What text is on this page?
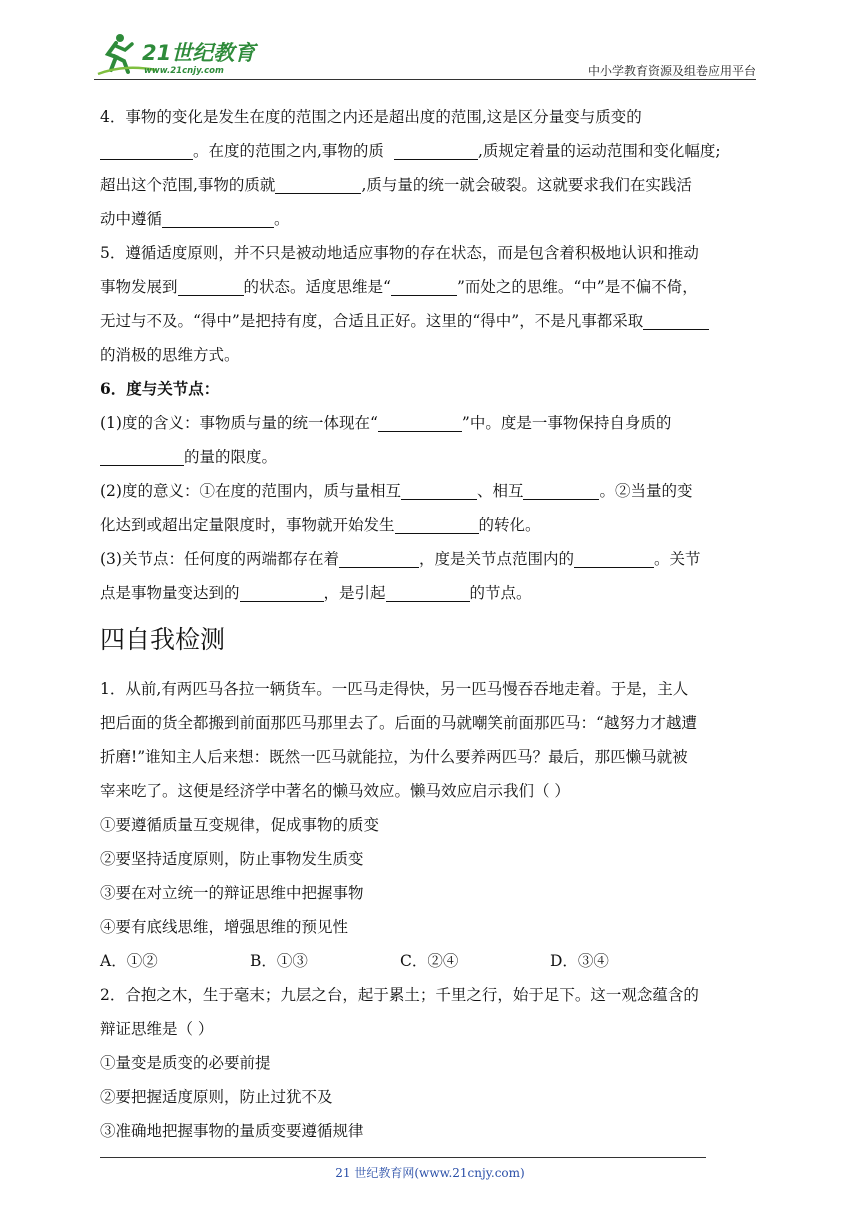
21世纪教育
www.21cnjy.com	中小学教育资源及组卷应用平台
4．事物的变化是发生在度的范围之内还是超出度的范围,这是区分量变与质变的
。在度的范围之内,事物的质	,质规定着量的运动范围和变化幅度;
超出这个范围,事物的质就	,质与量的统一就会破裂。这就要求我们在实践活
动中遵循	。
5．遵循适度原则，并不只是被动地适应事物的存在状态，而是包含着积极地认识和推动
事物发展到	的状态。适度思维是“	”而处之的思维。“中”是不偏不倚，
无过与不及。“得中”是把持有度，合适且正好。这里的“得中”，不是凡事都采取
的消极的思维方式。
6．度与关节点：
(1)度的含义：事物质与量的统一体现在“	”中。度是一事物保持自身质的
的量的限度。
(2)度的意义：①在度的范围内，质与量相互	、相互	。②当量的变
化达到或超出定量限度时，事物就开始发生	的转化。
(3)关节点：任何度的两端都存在着	，度是关节点范围内的	。关节
点是事物量变达到的	，是引起	的节点。
四自我检测
1．从前,有两匹马各拉一辆货车。一匹马走得快，另一匹马慢吞吞地走着。于是，主人
把后面的货全都搬到前面那匹马那里去了。后面的马就嘲笑前面那匹马：“越努力才越遭
折磨!”谁知主人后来想：既然一匹马就能拉，为什么要养两匹马？最后，那匹懒马就被
宰来吃了。这便是经济学中著名的懒马效应。懒马效应启示我们（ ）
①要遵循质量互变规律，促成事物的质变
②要坚持适度原则，防止事物发生质变
③要在对立统一的辩证思维中把握事物
④要有底线思维，增强思维的预见性
A．①②	B．①③	C．②④	D．③④
2．合抱之木，生于毫末；九层之台，起于累土；千里之行，始于足下。这一观念蕴含的
辩证思维是（ ）
①量变是质变的必要前提
②要把握适度原则，防止过犹不及
③准确地把握事物的量质变要遵循规律
21 世纪教育网(www.21cnjy.com)
